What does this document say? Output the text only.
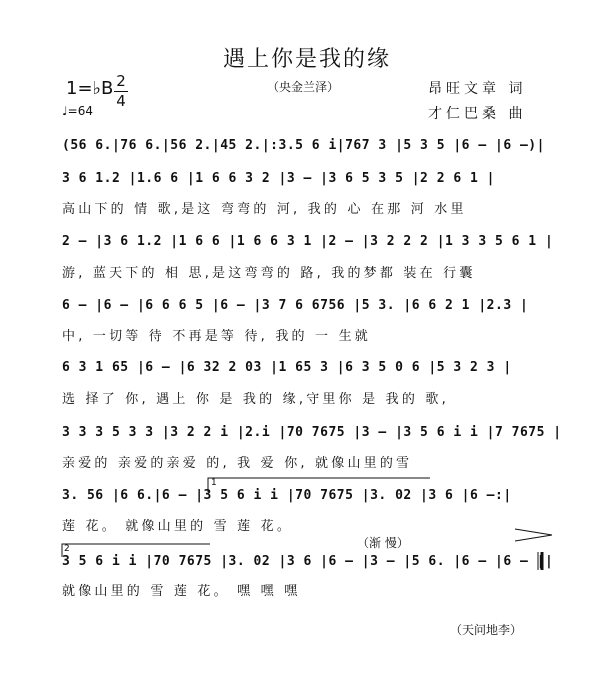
遇上你是我的缘
（央金兰泽）
1=♭B 2
4
♩=64
昂旺文章 词
才仁巴桑 曲
(56 6.|76 6.|56 2.|45 2.|:3.5 6 i|767 3 |5 3 5 |6 – |6 –)|
3 6 1.2 |1.6 6 |1 6 6 3 2 |3 – |3 6 5 3 5 |2 2 6 1 |
高山下的 情 歌,是这 弯弯的 河, 我的 心 在那 河 水里
2 – |3 6 1.2 |1 6 6 |1 6 6 3 1 |2 – |3 2 2 2 |1 3 3 5 6 1 |
游, 蓝天下的 相 思,是这弯弯的 路, 我的梦都 装在 行囊
6 – |6 – |6 6 6 5 |6 – |3 7 6 6756 |5 3. |6 6 2 1 |2.3 |
中, 一切等 待 不再是等 待, 我的 一 生就
6 3 1 65 |6 – |6 32 2 03 |1 65 3 |6 3 5 0 6 |5 3 2 3 |
选 择了 你, 遇上 你 是 我的 缘,守里你 是 我的 歌,
3 3 3 5 3 3 |3 2 2 i |2.i |70 7675 |3 – |3 5 6 i i |7 7675 |
亲爱的 亲爱的亲爱 的, 我 爱 你, 就像山里的雪
3. 56 |6 6.|6 – |3 5 6 i i |70 7675 |3. 02 |3 6 |6 –:|
莲 花。 就像山里的 雪 莲 花。
（渐 慢）
3 5 6 i i |70 7675 |3. 02 |3 6 |6 – |3 – |5 6. |6 – |6 – ||
就像山里的 雪 莲 花。 嘿 嘿 嘿
1
2
（天问地李）
